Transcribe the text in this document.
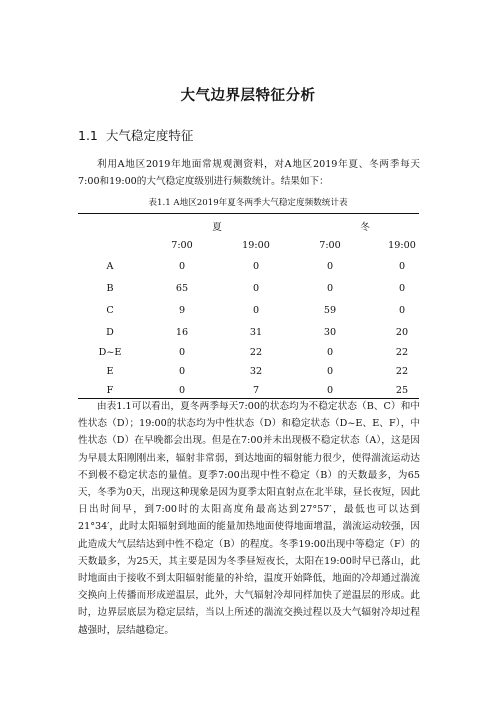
大气边界层特征分析
1.1 大气稳定度特征
利用A地区2019年地面常规观测资料，对A地区2019年夏、冬两季每天7:00和19:00的大气稳定度级别进行频数统计。结果如下：
表1.1 A地区2019年夏冬两季大气稳定度频数统计表
夏	冬
7:00	19:00	7:00	19:00
A	0	0	0	0
B	65	0	0	0
C	9	0	59	0
D	16	31	30	20
D~E	0	22	0	22
E	0	32	0	22
F	0	7	0	25

由表1.1可以看出，夏冬两季每天7:00的状态均为不稳定状态（B、C）和中性状态（D）；19:00的状态均为中性状态（D）和稳定状态（D~E、E、F），中性状态（D）在早晚都会出现。但是在7:00并未出现极不稳定状态（A），这是因为早晨太阳刚刚出来，辐射非常弱，到达地面的辐射能力很少，使得湍流运动达不到极不稳定状态的量值。夏季7:00出现中性不稳定（B）的天数最多，为65天，冬季为0天，出现这种现象是因为夏季太阳直射点在北半球，昼长夜短，因此日出时间早，到7:00时的太阳高度角最高达到27°57′，最低也可以达到21°34′，此时太阳辐射到地面的能量加热地面使得地面增温，湍流运动较强，因此造成大气层结达到中性不稳定（B）的程度。冬季19:00出现中等稳定（F）的天数最多，为25天，其主要是因为冬季昼短夜长，太阳在19:00时早已落山，此时地面由于接收不到太阳辐射能量的补给，温度开始降低，地面的冷却通过湍流交换向上传播而形成逆温层，此外，大气辐射冷却同样加快了逆温层的形成。此时，边界层底层为稳定层结，当以上所述的湍流交换过程以及大气辐射冷却过程越强时，层结越稳定。
